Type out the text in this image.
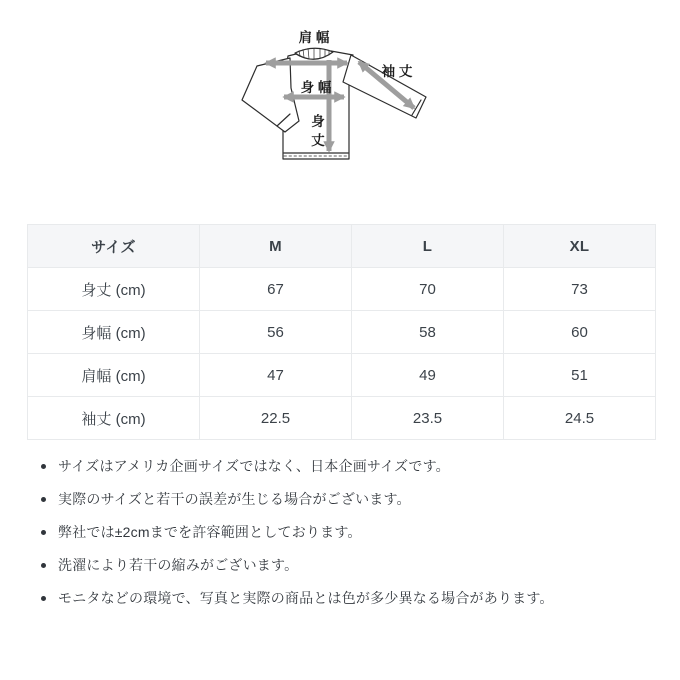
肩 幅
袖 丈
身 幅
身
丈
サイズ	M	L	XL
身丈 (cm)	67	70	73
身幅 (cm)	56	58	60
肩幅 (cm)	47	49	51
袖丈 (cm)	22.5	23.5	24.5
サイズはアメリカ企画サイズではなく、日本企画サイズです。
実際のサイズと若干の誤差が生じる場合がございます。
弊社では±2cmまでを許容範囲としております。
洗濯により若干の縮みがございます。
モニタなどの環境で、写真と実際の商品とは色が多少異なる場合があります。
